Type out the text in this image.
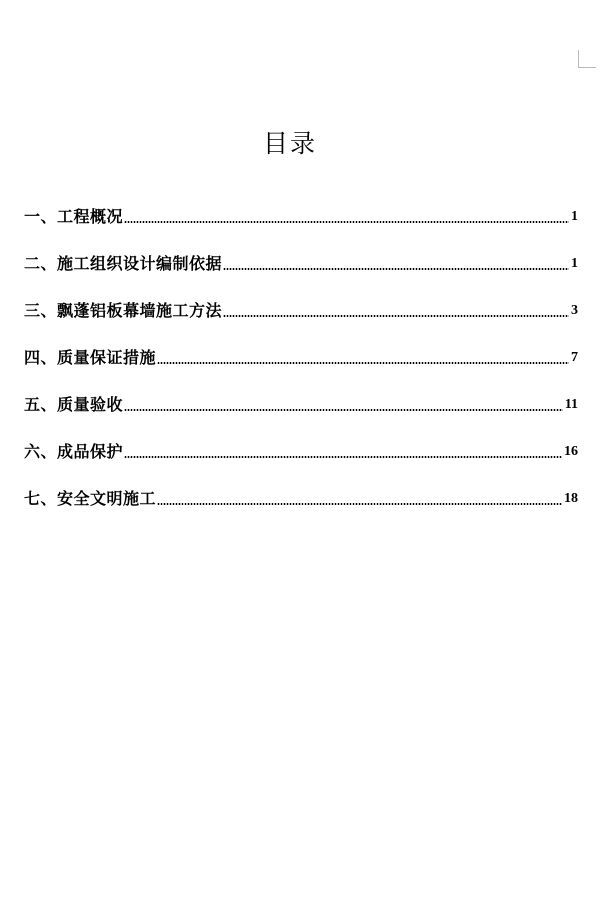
目录
一、工程概况	1
二、施工组织设计编制依据	1
三、飘蓬铝板幕墙施工方法	3
四、质量保证措施	7
五、质量验收	11
六、成品保护	16
七、安全文明施工	18
